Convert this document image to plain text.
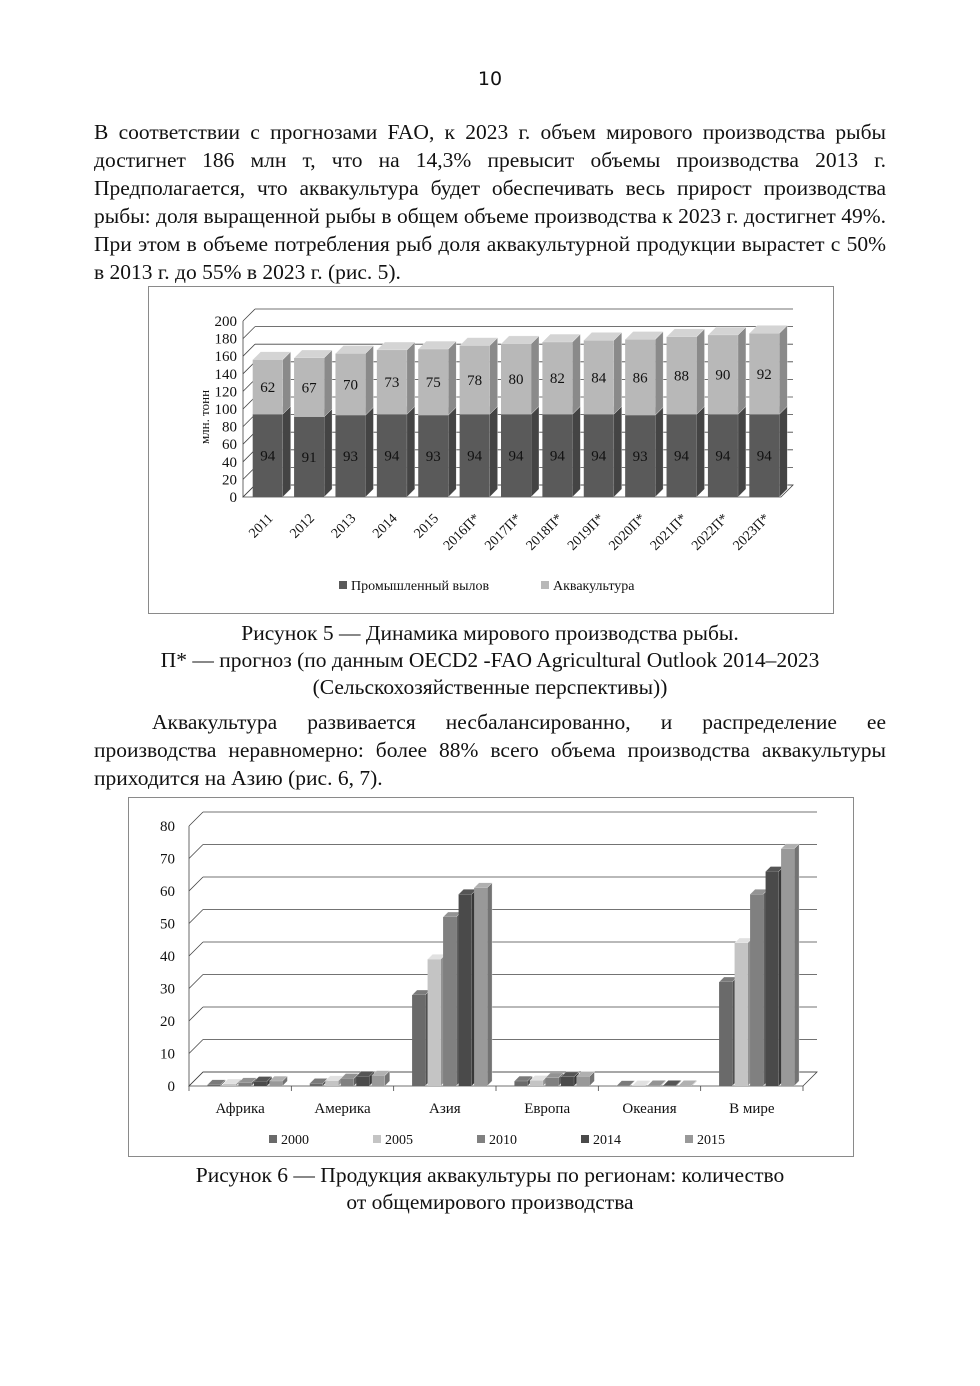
10

В соответствии с прогнозами FAO, к 2023 г. объем мирового производства рыбы достигнет 186 млн т, что на 14,3% превысит объемы производства 2013 г. Предполагается, что аквакультура будет обеспечивать весь прирост производства рыбы: доля выращенной рыбы в общем объеме производства к 2023 г. достигнет 49%. При этом в объеме потребления рыб доля аквакультурной продукции вырастет с 50% в 2013 г. до 55% в 2023 г. (рис. 5).

0
20
40
60
80
100
120
140
160
180
200
млн. тонн
94
62
2011
91
67
2012
93
70
2013
94
73
2014
93
75
2015
94
78
2016П*
94
80
2017П*
94
82
2018П*
94
84
2019П*
93
86
2020П*
94
88
2021П*
94
90
2022П*
94
92
2023П*
Промышленный вылов	Аквакультура
Рисунок 5 — Динамика мирового производства рыбы.
П* — прогноз (по данным OECD2 -FAO Agricultural Outlook 2014–2023
(Сельскохозяйственные перспективы))

Аквакультура развивается несбалансированно, и распределение ее производства неравномерно: более 88% всего объема производства аквакультуры приходится на Азию (рис. 6, 7).

0
10
20
30
40
50
60
70
80
Африка	Америка	Азия	Европа	Океания	В мире
2000	2005	2010	2014	2015
Рисунок 6 — Продукция аквакультуры по регионам: количество
от общемирового производства
